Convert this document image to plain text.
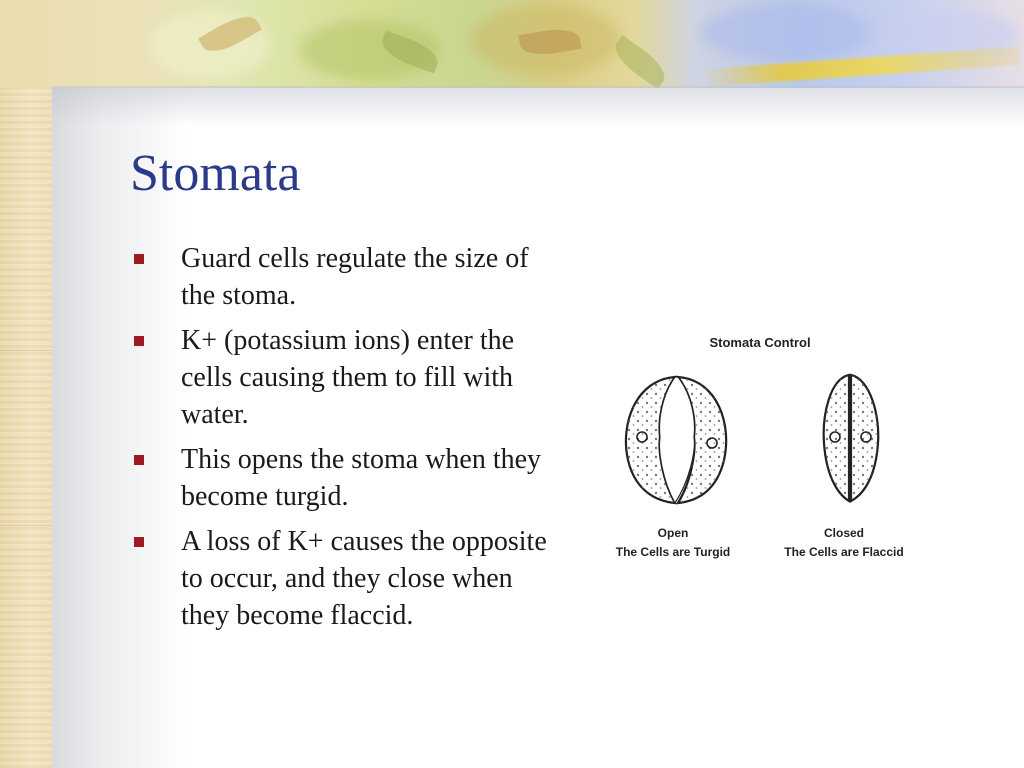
Stomata
Guard cells regulate the size of the stoma.
K+ (potassium ions) enter the cells causing them to fill with water.
This opens the stoma when they become turgid.
A loss of K+ causes the opposite to occur, and they close when they become flaccid.
Stomata Control
Open
The Cells are Turgid
Closed
The Cells are Flaccid
